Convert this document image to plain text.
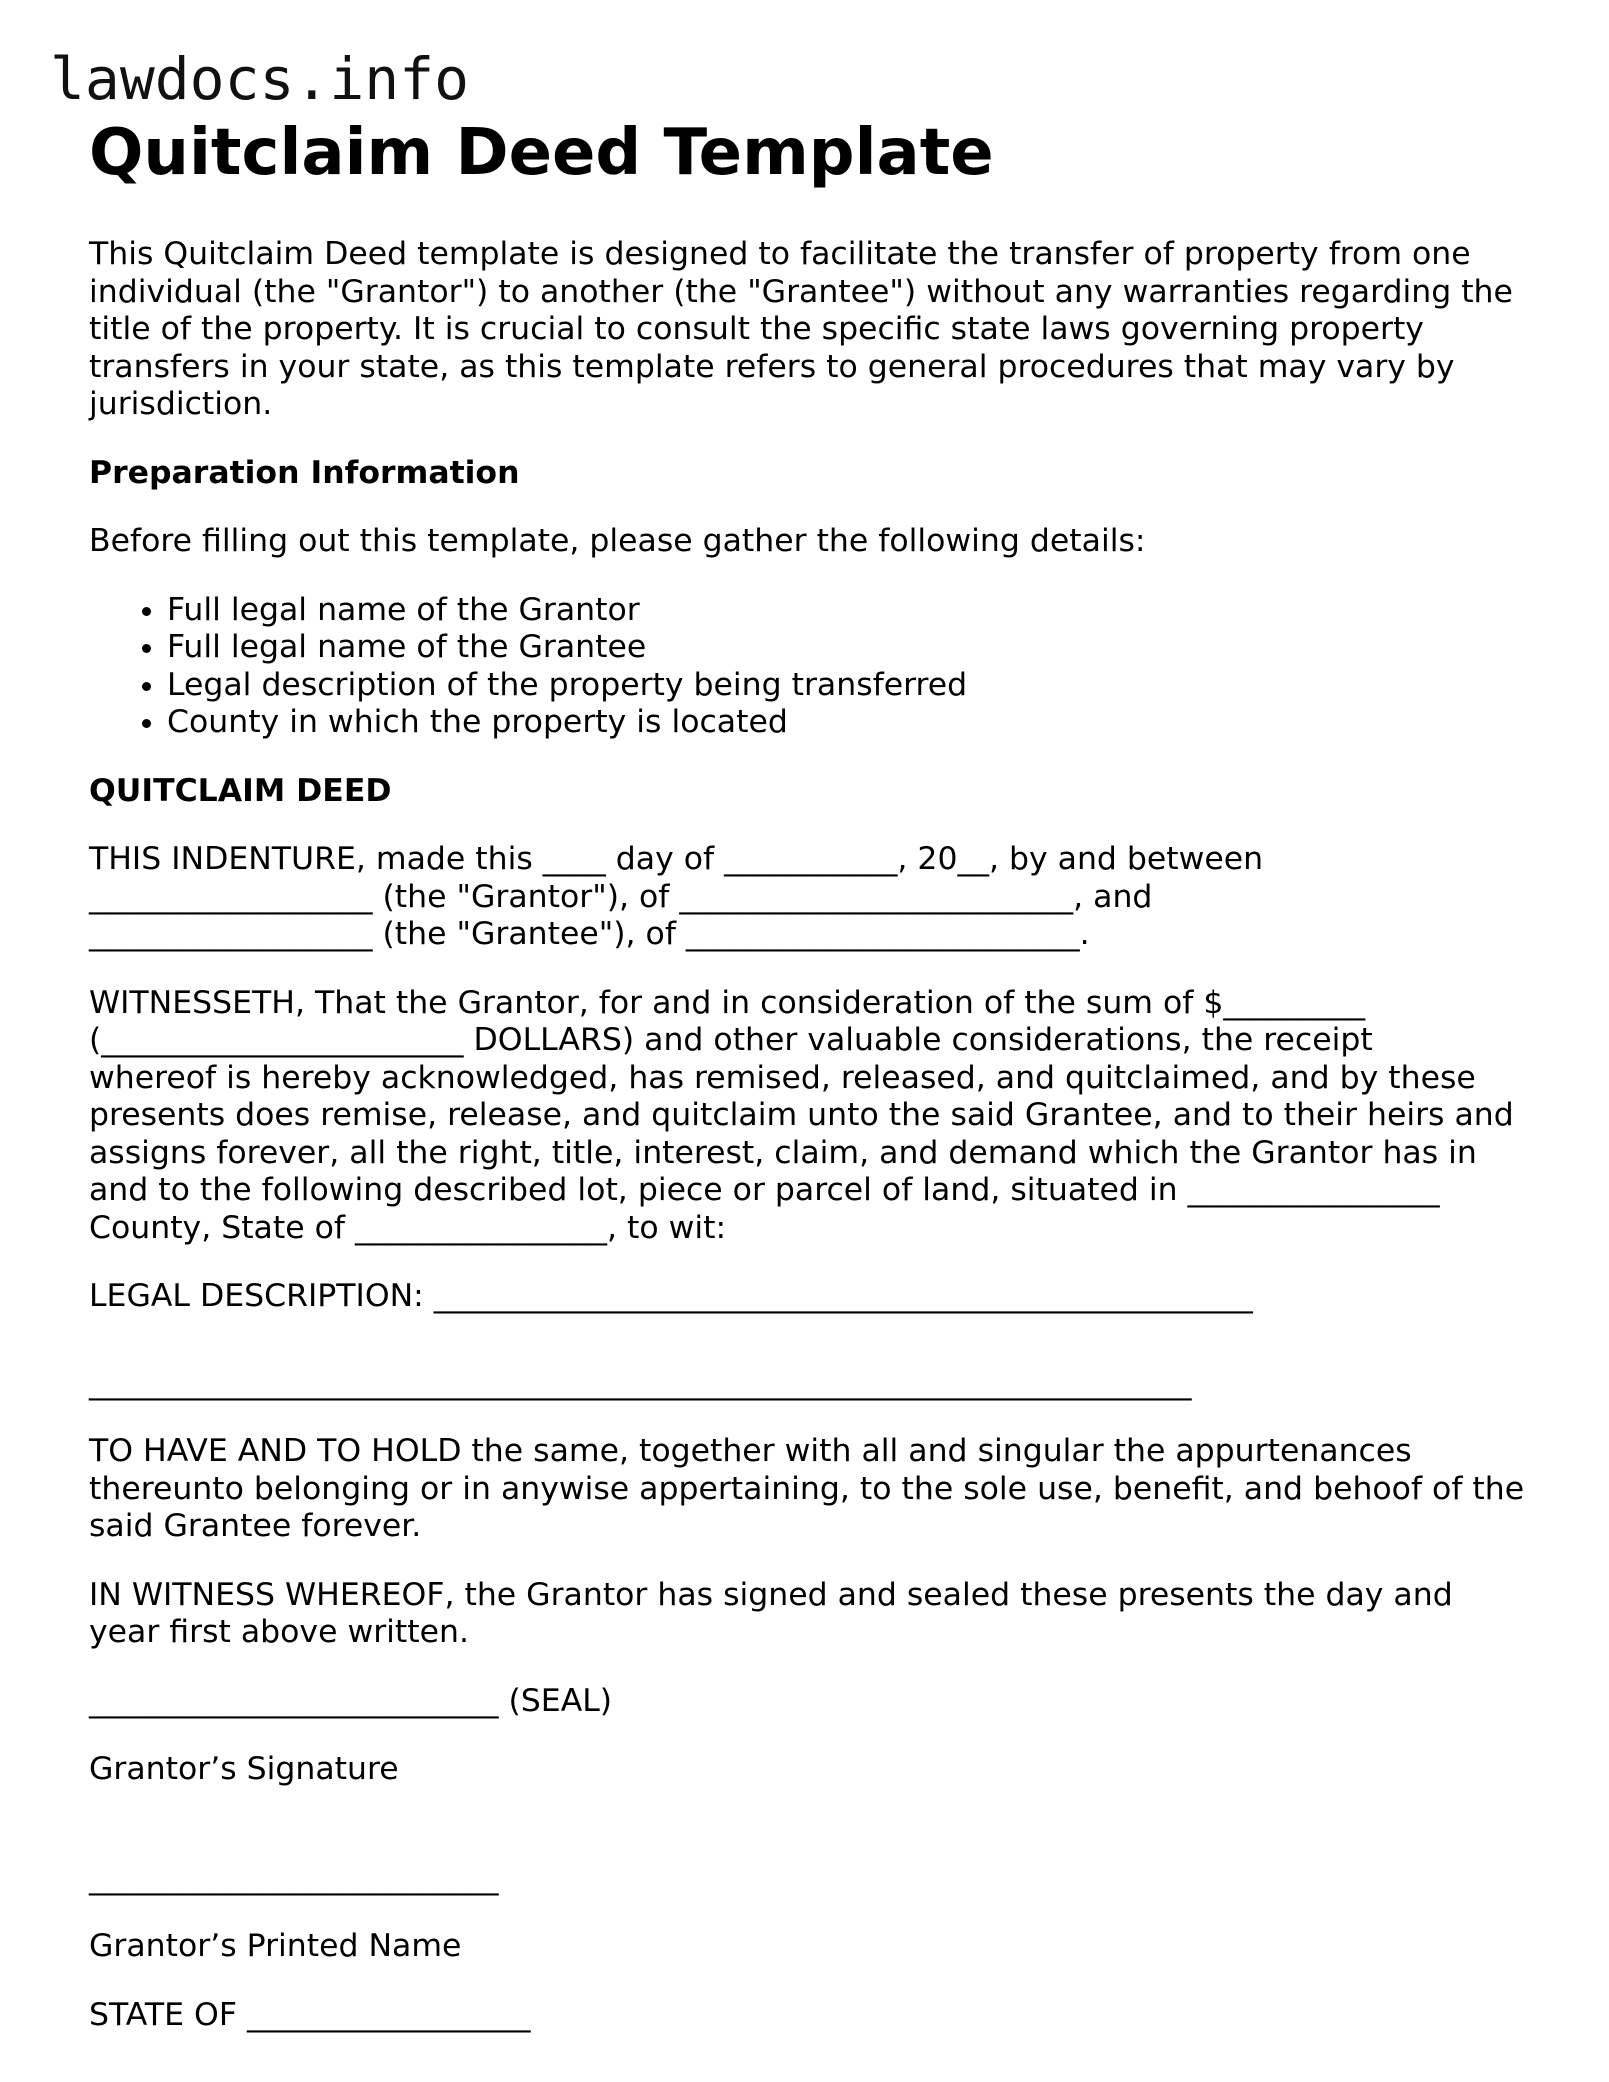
lawdocs.info
Quitclaim Deed Template

This Quitclaim Deed template is designed to facilitate the transfer of property from one individual (the "Grantor") to another (the "Grantee") without any warranties regarding the title of the property. It is crucial to consult the specific state laws governing property transfers in your state, as this template refers to general procedures that may vary by jurisdiction.

Preparation Information

Before filling out this template, please gather the following details:

• Full legal name of the Grantor
• Full legal name of the Grantee
• Legal description of the property being transferred
• County in which the property is located

QUITCLAIM DEED

THIS INDENTURE, made this ____ day of ___________, 20__, by and between
__________________ (the "Grantor"), of _________________________, and
__________________ (the "Grantee"), of _________________________.

WITNESSETH, That the Grantor, for and in consideration of the sum of $_________
(_______________________ DOLLARS) and other valuable considerations, the receipt
whereof is hereby acknowledged, has remised, released, and quitclaimed, and by these
presents does remise, release, and quitclaim unto the said Grantee, and to their heirs and
assigns forever, all the right, title, interest, claim, and demand which the Grantor has in
and to the following described lot, piece or parcel of land, situated in ________________
County, State of ________________, to wit:

LEGAL DESCRIPTION: ____________________________________________________

______________________________________________________________________

TO HAVE AND TO HOLD the same, together with all and singular the appurtenances thereunto belonging or in anywise appertaining, to the sole use, benefit, and behoof of the said Grantee forever.

IN WITNESS WHEREOF, the Grantor has signed and sealed these presents the day and year first above written.

__________________________ (SEAL)

Grantor’s Signature

__________________________

Grantor’s Printed Name

STATE OF __________________
